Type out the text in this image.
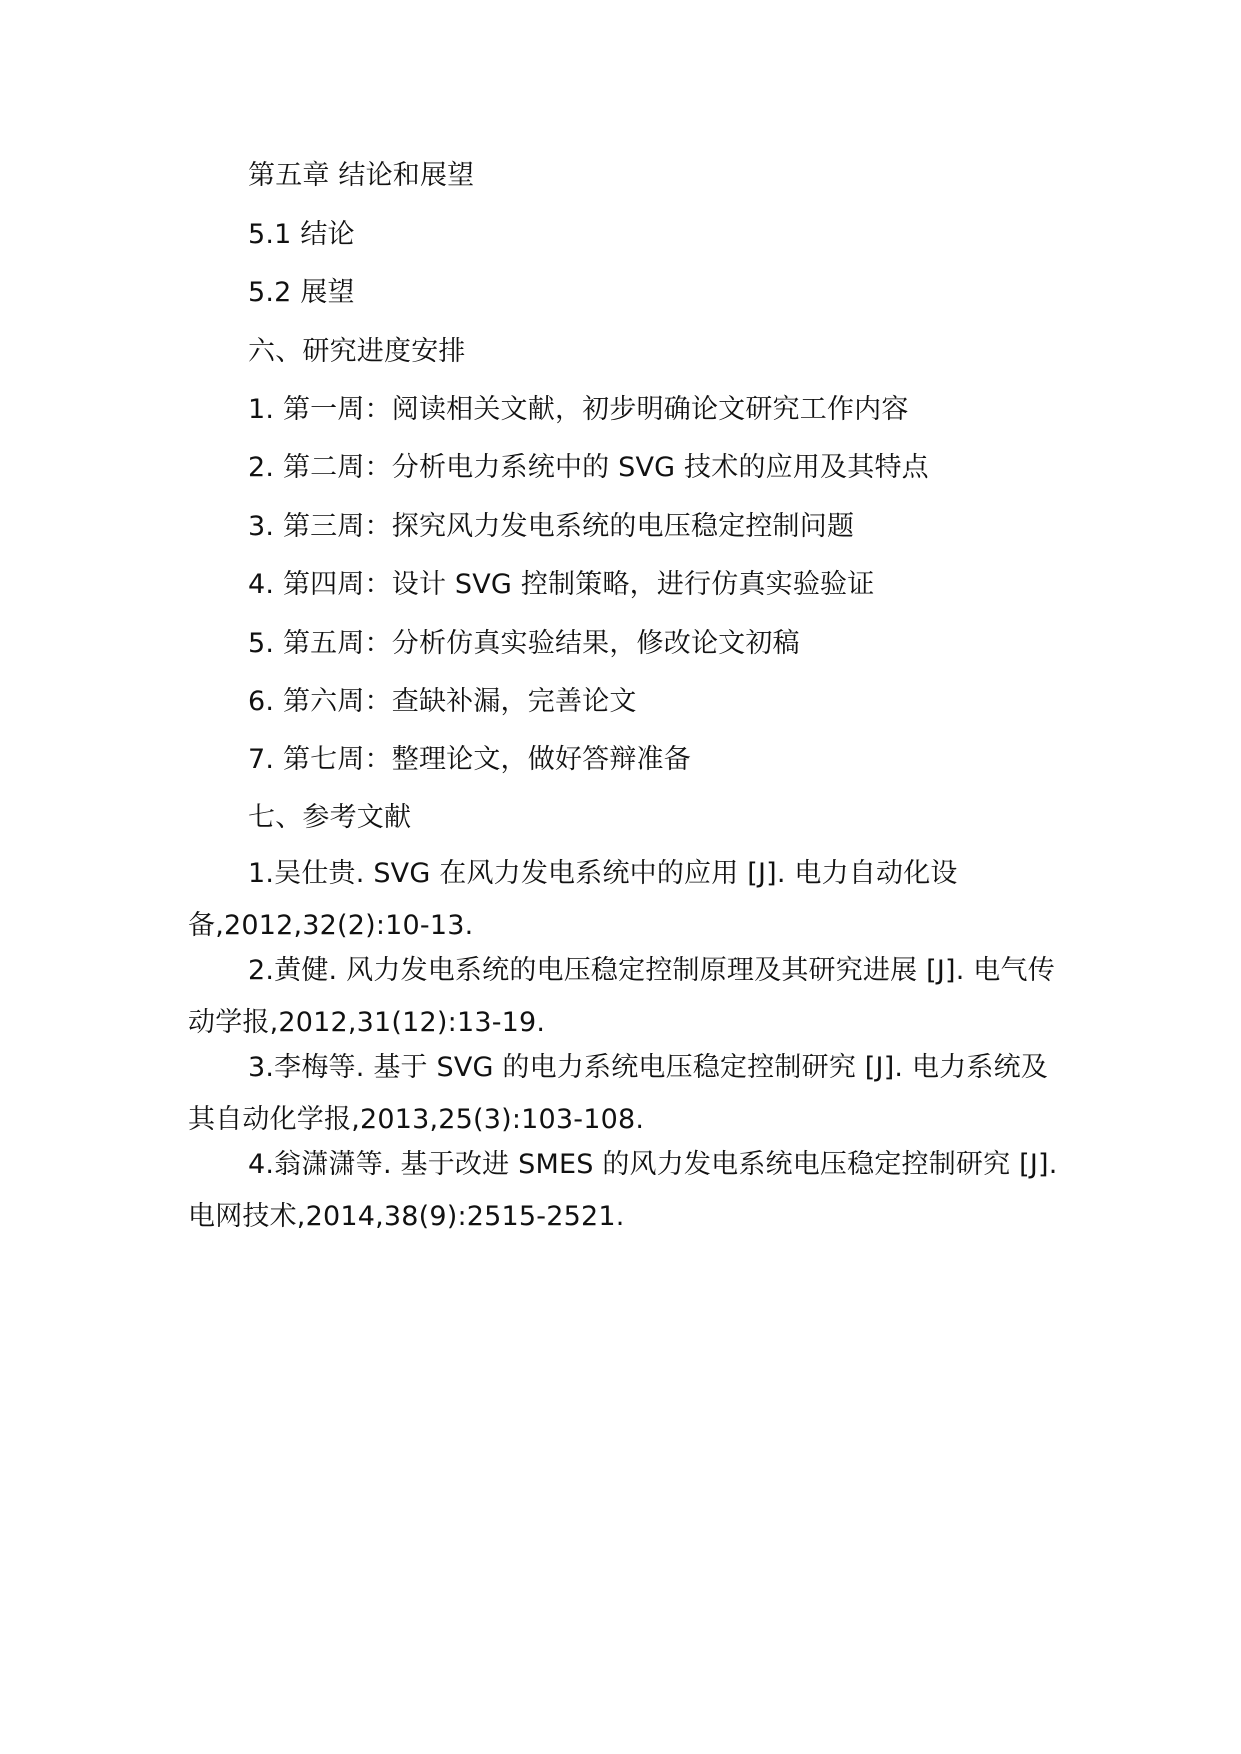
第五章 结论和展望
5.1 结论
5.2 展望
六、研究进度安排
1. 第一周：阅读相关文献，初步明确论文研究工作内容
2. 第二周：分析电力系统中的 SVG 技术的应用及其特点
3. 第三周：探究风力发电系统的电压稳定控制问题
4. 第四周：设计 SVG 控制策略，进行仿真实验验证
5. 第五周：分析仿真实验结果，修改论文初稿
6. 第六周：查缺补漏，完善论文
7. 第七周：整理论文，做好答辩准备
七、参考文献
1.吴仕贵. SVG 在风力发电系统中的应用 [J]. 电力自动化设备,2012,32(2):10-13.
2.黄健. 风力发电系统的电压稳定控制原理及其研究进展 [J]. 电气传动学报,2012,31(12):13-19.
3.李梅等. 基于 SVG 的电力系统电压稳定控制研究 [J]. 电力系统及其自动化学报,2013,25(3):103-108.
4.翁潇潇等. 基于改进 SMES 的风力发电系统电压稳定控制研究 [J]. 电网技术,2014,38(9):2515-2521.
